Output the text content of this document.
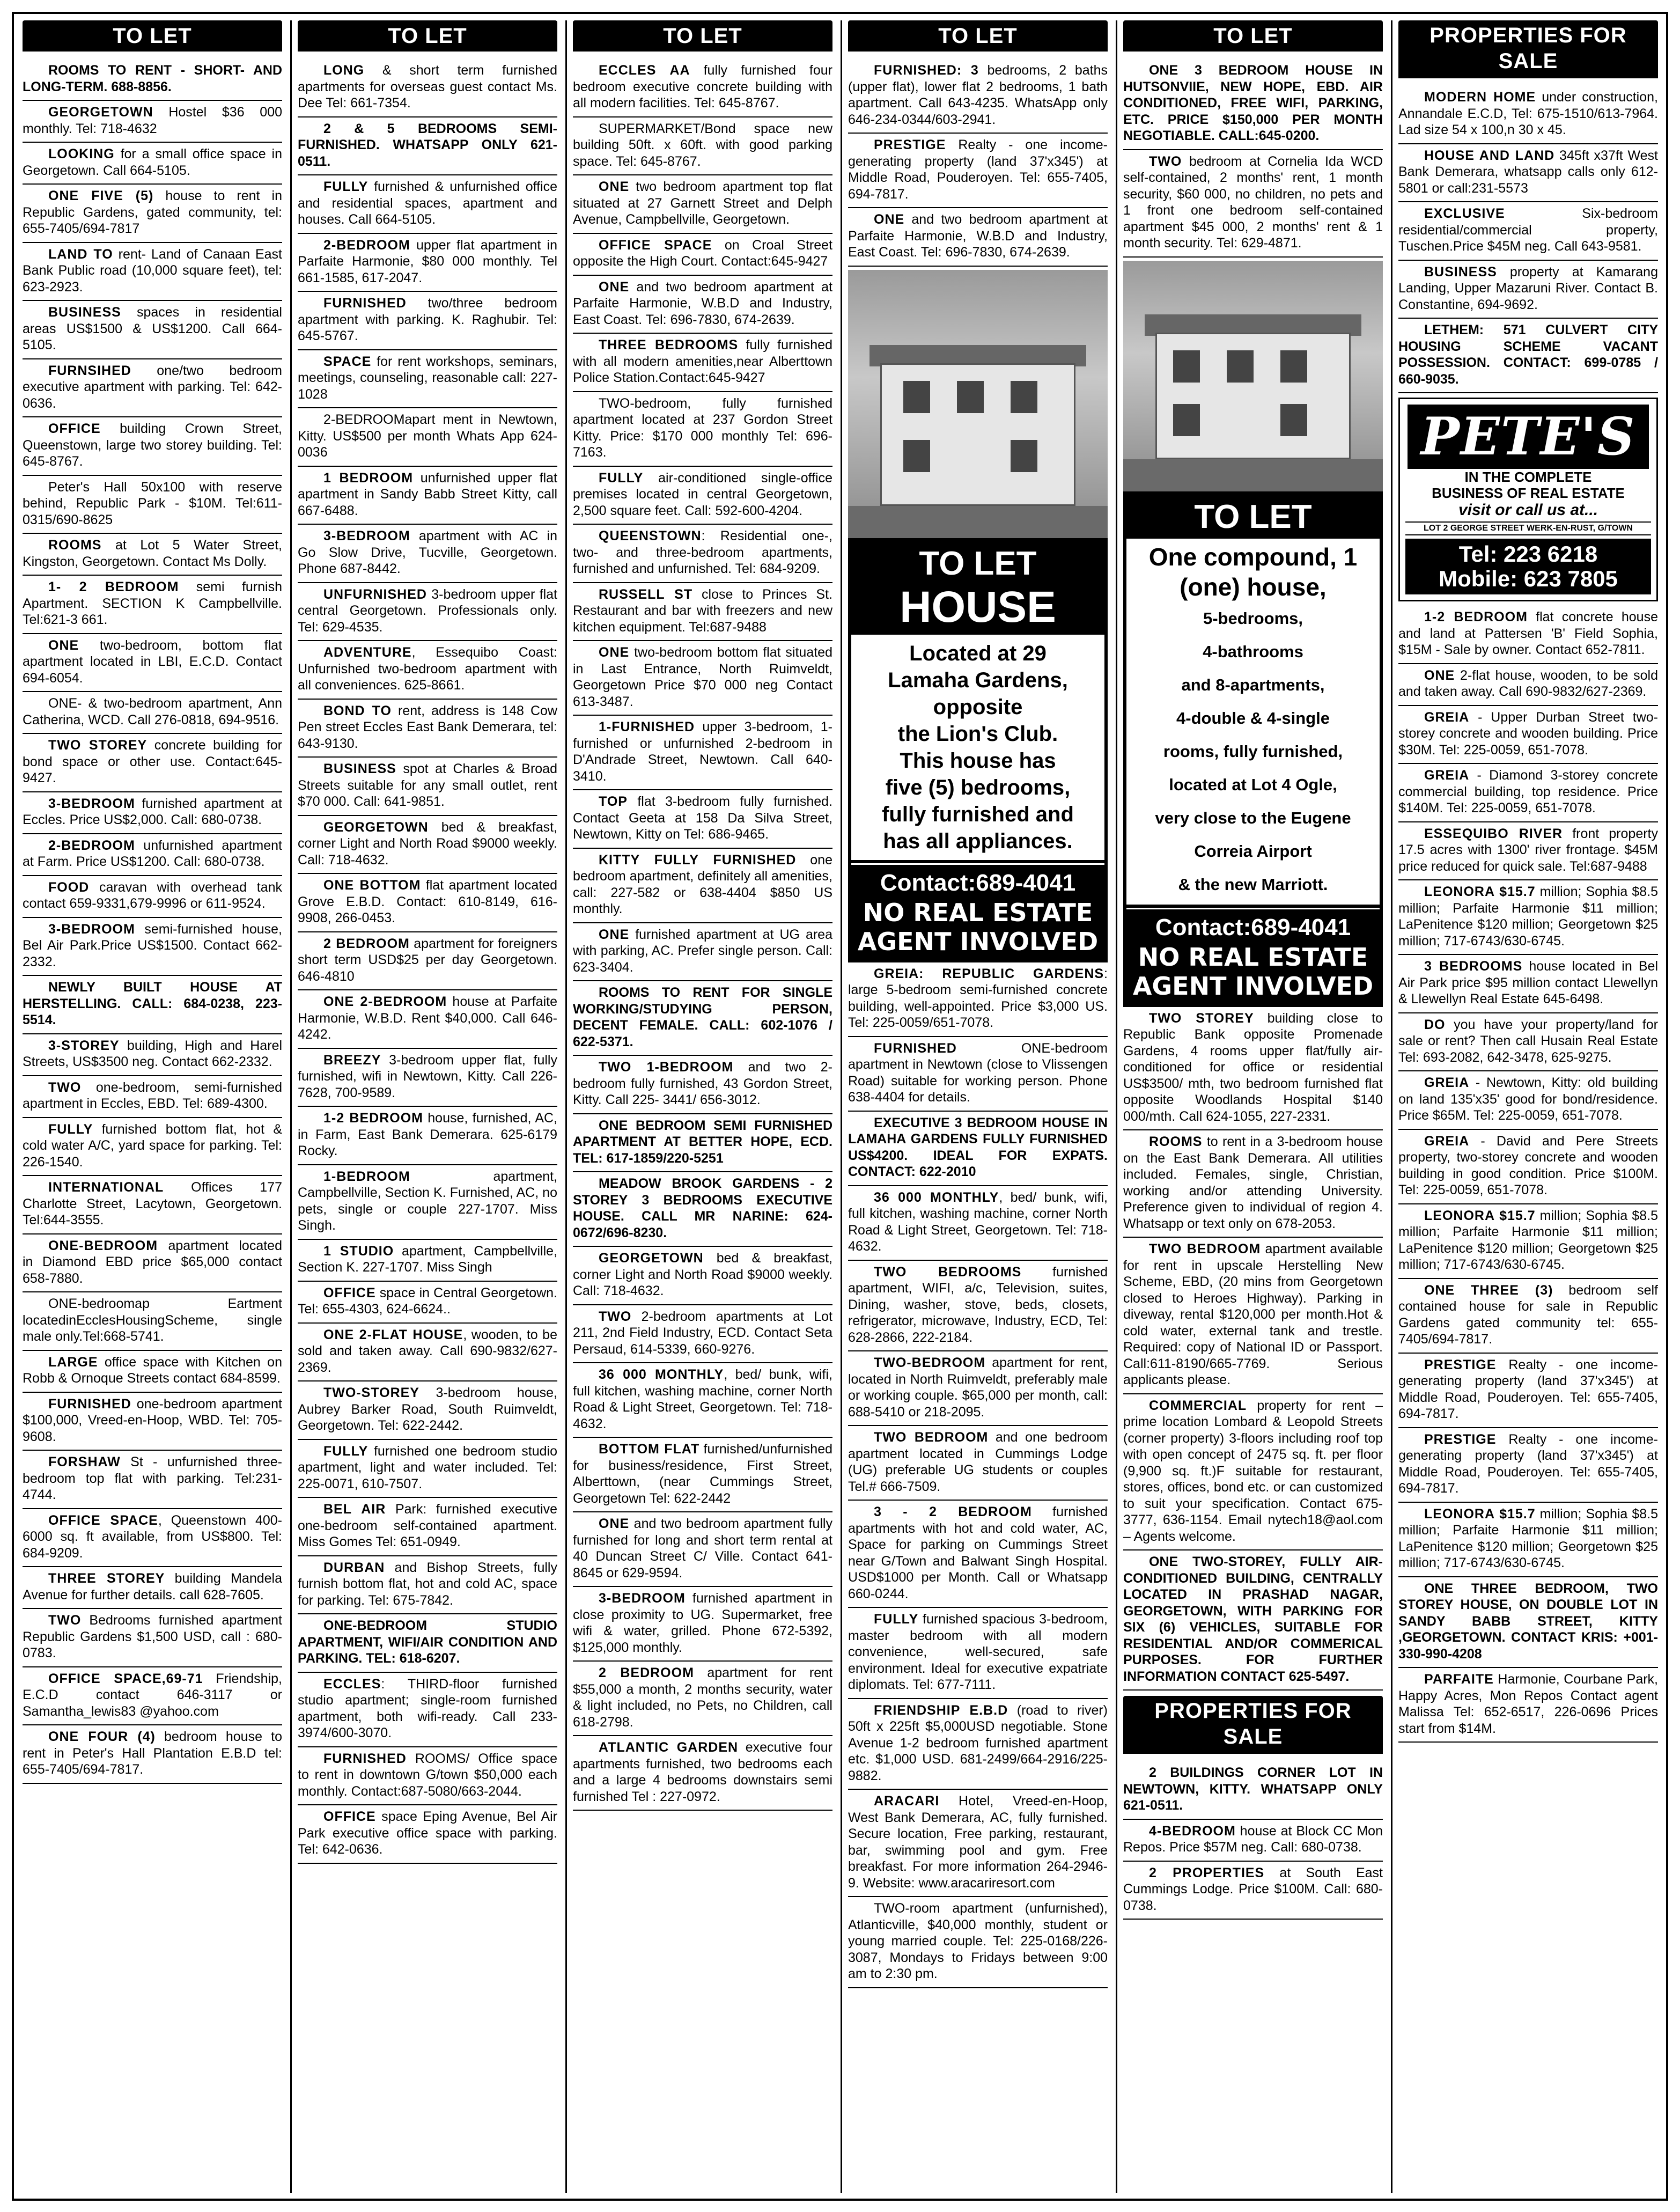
TO LET

ROOMS TO RENT - SHORT- AND LONG-TERM. 688-8856.

GEORGETOWN Hostel $36 000 monthly. Tel: 718-4632

LOOKING for a small office space in Georgetown. Call 664-5105.

ONE FIVE (5) house to rent in Republic Gardens, gated community, tel: 655-7405/694-7817

LAND TO rent- Land of Canaan East Bank Public road (10,000 square feet), tel: 623-2923.

BUSINESS spaces in residential areas US$1500 & US$1200. Call 664-5105.

FURNSIHED one/two bedroom executive apartment with parking. Tel: 642-0636.

OFFICE building Crown Street, Queenstown, large two storey building. Tel: 645-8767.

Peter's Hall 50x100 with reserve behind, Republic Park - $10M. Tel:611-0315/690-8625

ROOMS at Lot 5 Water Street, Kingston, Georgetown. Contact Ms Dolly.

1- 2 BEDROOM semi furnish Apartment. SECTION K Campbellville. Tel:621-3 661.

ONE two-bedroom, bottom flat apartment located in LBI, E.C.D. Contact 694-6054.

ONE- & two-bedroom apartment, Ann Catherina, WCD. Call 276-0818, 694-9516.

TWO STOREY concrete building for bond space or other use. Contact:645-9427.

3-BEDROOM furnished apartment at Eccles. Price US$2,000. Call: 680-0738.

2-BEDROOM unfurnished apartment at Farm. Price US$1200. Call: 680-0738.

FOOD caravan with overhead tank contact 659-9331,679-9996 or 611-9524.

3-BEDROOM semi-furnished house, Bel Air Park.Price US$1500. Contact 662-2332.

NEWLY BUILT HOUSE AT HERSTELLING. CALL: 684-0238, 223-5514.

3-STOREY building, High and Harel Streets, US$3500 neg. Contact 662-2332.

TWO one-bedroom, semi-furnished apartment in Eccles, EBD. Tel: 689-4300.

FULLY furnished bottom flat, hot & cold water A/C, yard space for parking. Tel: 226-1540.

INTERNATIONAL Offices 177 Charlotte Street, Lacytown, Georgetown. Tel:644-3555.

ONE-BEDROOM apartment located in Diamond EBD price $65,000 contact 658-7880.

ONE-bedroomap Eartment locatedinEcclesHousingScheme, single male only.Tel:668-5741.

LARGE office space with Kitchen on Robb & Ornoque Streets contact 684-8599.

FURNISHED one-bedroom apartment $100,000, Vreed-en-Hoop, WBD. Tel: 705-9608.

FORSHAW St - unfurnished three-bedroom top flat with parking. Tel:231-4744.

OFFICE SPACE, Queenstown 400-6000 sq. ft available, from US$800. Tel: 684-9209.

THREE STOREY building Mandela Avenue for further details. call 628-7605.

TWO Bedrooms furnished apartment Republic Gardens $1,500 USD, call : 680-0783.

OFFICE SPACE,69-71 Friendship, E.C.D contact 646-3117 or Samantha_lewis83 @yahoo.com

ONE FOUR (4) bedroom house to rent in Peter's Hall Plantation E.B.D tel: 655-7405/694-7817.

TO LET

LONG & short term furnished apartments for overseas guest contact Ms. Dee Tel: 661-7354.

2 & 5 BEDROOMS SEMI-FURNISHED. WHATSAPP ONLY 621-0511.

FULLY furnished & unfurnished office and residential spaces, apartment and houses. Call 664-5105.

2-BEDROOM upper flat apartment in Parfaite Harmonie, $80 000 monthly. Tel 661-1585, 617-2047.

FURNISHED two/three bedroom apartment with parking. K. Raghubir. Tel: 645-5767.

SPACE for rent workshops, seminars, meetings, counseling, reasonable call: 227-1028

2-BEDROOMapart ment in Newtown, Kitty. US$500 per month Whats App 624-0036

1 BEDROOM unfurnished upper flat apartment in Sandy Babb Street Kitty, call 667-6488.

3-BEDROOM apartment with AC in Go Slow Drive, Tucville, Georgetown. Phone 687-8442.

UNFURNISHED 3-bedroom upper flat central Georgetown. Professionals only. Tel: 629-4535.

ADVENTURE, Essequibo Coast: Unfurnished two-bedroom apartment with all conveniences. 625-8661.

BOND TO rent, address is 148 Cow Pen street Eccles East Bank Demerara, tel: 643-9130.

BUSINESS spot at Charles & Broad Streets suitable for any small outlet, rent $70 000. Call: 641-9851.

GEORGETOWN bed & breakfast, corner Light and North Road $9000 weekly. Call: 718-4632.

ONE BOTTOM flat apartment located Grove E.B.D. Contact: 610-8149, 616-9908, 266-0453.

2 BEDROOM apartment for foreigners short term USD$25 per day Georgetown. 646-4810

ONE 2-BEDROOM house at Parfaite Harmonie, W.B.D. Rent $40,000. Call 646-4242.

BREEZY 3-bedroom upper flat, fully furnished, wifi in Newtown, Kitty. Call 226-7628, 700-9589.

1-2 BEDROOM house, furnished, AC, in Farm, East Bank Demerara. 625-6179 Rocky.

1-BEDROOM apartment, Campbellville, Section K. Furnished, AC, no pets, single or couple 227-1707. Miss Singh.

1 STUDIO apartment, Campbellville, Section K. 227-1707. Miss Singh

OFFICE space in Central Georgetown. Tel: 655-4303, 624-6624..

ONE 2-FLAT HOUSE, wooden, to be sold and taken away. Call 690-9832/627-2369.

TWO-STOREY 3-bedroom house, Aubrey Barker Road, South Ruimveldt, Georgetown. Tel: 622-2442.

FULLY furnished one bedroom studio apartment, light and water included. Tel: 225-0071, 610-7507.

BEL AIR Park: furnished executive one-bedroom self-contained apartment. Miss Gomes Tel: 651-0949.

DURBAN and Bishop Streets, fully furnish bottom flat, hot and cold AC, space for parking. Tel: 675-7842.

ONE-BEDROOM STUDIO APARTMENT, WIFI/AIR CONDITION AND PARKING. TEL: 618-6207.

ECCLES: THIRD-floor furnished studio apartment; single-room furnished apartment, both wifi-ready. Call 233-3974/600-3070.

FURNISHED ROOMS/ Office space to rent in downtown G/town $50,000 each monthly. Contact:687-5080/663-2044.

OFFICE space Eping Avenue, Bel Air Park executive office space with parking. Tel: 642-0636.

TO LET

ECCLES AA fully furnished four bedroom executive concrete building with all modern facilities. Tel: 645-8767.

SUPERMARKET/Bond space new building 50ft. x 60ft. with good parking space. Tel: 645-8767.

ONE two bedroom apartment top flat situated at 27 Garnett Street and Delph Avenue, Campbellville, Georgetown.

OFFICE SPACE on Croal Street opposite the High Court. Contact:645-9427

ONE and two bedroom apartment at Parfaite Harmonie, W.B.D and Industry, East Coast. Tel: 696-7830, 674-2639.

THREE BEDROOMS fully furnished with all modern amenities,near Alberttown Police Station.Contact:645-9427

TWO-bedroom, fully furnished apartment located at 237 Gordon Street Kitty. Price: $170 000 monthly Tel: 696-7163.

FULLY air-conditioned single-office premises located in central Georgetown, 2,500 square feet. Call: 592-600-4204.

QUEENSTOWN: Residential one-, two- and three-bedroom apartments, furnished and unfurnished. Tel: 684-9209.

RUSSELL ST close to Princes St. Restaurant and bar with freezers and new kitchen equipment. Tel:687-9488

ONE two-bedroom bottom flat situated in Last Entrance, North Ruimveldt, Georgetown Price $70 000 neg Contact 613-3487.

1-FURNISHED upper 3-bedroom, 1-furnished or unfurnished 2-bedroom in D'Andrade Street, Newtown. Call 640-3410.

TOP flat 3-bedroom fully furnished. Contact Geeta at 158 Da Silva Street, Newtown, Kitty on Tel: 686-9465.

KITTY FULLY FURNISHED one bedroom apartment, definitely all amenities, call: 227-582 or 638-4404 $850 US monthly.

ONE furnished apartment at UG area with parking, AC. Prefer single person. Call: 623-3404.

ROOMS TO RENT FOR SINGLE WORKING/STUDYING PERSON, DECENT FEMALE. CALL: 602-1076 / 622-5371.

TWO 1-BEDROOM and two 2-bedroom fully furnished, 43 Gordon Street, Kitty. Call 225- 3441/ 656-3012.

ONE BEDROOM SEMI FURNISHED APARTMENT AT BETTER HOPE, ECD. TEL: 617-1859/220-5251

MEADOW BROOK GARDENS - 2 STOREY 3 BEDROOMS EXECUTIVE HOUSE. CALL MR NARINE: 624-0672/696-8230.

GEORGETOWN bed & breakfast, corner Light and North Road $9000 weekly. Call: 718-4632.

TWO 2-bedroom apartments at Lot 211, 2nd Field Industry, ECD. Contact Seta Persaud, 614-5339, 660-9276.

36 000 MONTHLY, bed/ bunk, wifi, full kitchen, washing machine, corner North Road & Light Street, Georgetown. Tel: 718-4632.

BOTTOM FLAT furnished/unfurnished for business/residence, First Street, Alberttown, (near Cummings Street, Georgetown Tel: 622-2442

ONE and two bedroom apartment fully furnished for long and short term rental at 40 Duncan Street C/ Ville. Contact 641-8645 or 629-9594.

3-BEDROOM furnished apartment in close proximity to UG. Supermarket, free wifi & water, grilled. Phone 672-5392, $125,000 monthly.

2 BEDROOM apartment for rent $55,000 a month, 2 months security, water & light included, no Pets, no Children, call 618-2798.

ATLANTIC GARDEN executive four apartments furnished, two bedrooms each and a large 4 bedrooms downstairs semi furnished Tel : 227-0972.

TO LET

FURNISHED: 3 bedrooms, 2 baths (upper flat), lower flat 2 bedrooms, 1 bath apartment. Call 643-4235. WhatsApp only 646-234-0344/603-2941.

PRESTIGE Realty - one income-generating property (land 37'x345') at Middle Road, Pouderoyen. Tel: 655-7405, 694-7817.

ONE and two bedroom apartment at Parfaite Harmonie, W.B.D and Industry, East Coast. Tel: 696-7830, 674-2639.

TO LET
HOUSE
Located at 29
Lamaha Gardens,
opposite
the Lion's Club.
This house has
five (5) bedrooms,
fully furnished and
has all appliances.
Contact:689-4041
NO REAL ESTATE AGENT INVOLVED

GREIA: REPUBLIC GARDENS: large 5-bedroom semi-furnished concrete building, well-appointed. Price $3,000 US. Tel: 225-0059/651-7078.

FURNISHED ONE-bedroom apartment in Newtown (close to Vlissengen Road) suitable for working person. Phone 638-4404 for details.

EXECUTIVE 3 BEDROOM HOUSE IN LAMAHA GARDENS FULLY FURNISHED US$4200. IDEAL FOR EXPATS. CONTACT: 622-2010

36 000 MONTHLY, bed/ bunk, wifi, full kitchen, washing machine, corner North Road & Light Street, Georgetown. Tel: 718-4632.

TWO BEDROOMS furnished apartment, WIFI, a/c, Television, suites, Dining, washer, stove, beds, closets, refrigerator, microwave, Industry, ECD, Tel: 628-2866, 222-2184.

TWO-BEDROOM apartment for rent, located in North Ruimveldt, preferably male or working couple. $65,000 per month, call: 688-5410 or 218-2095.

TWO BEDROOM and one bedroom apartment located in Cummings Lodge (UG) preferable UG students or couples Tel.# 666-7509.

3 - 2 BEDROOM furnished apartments with hot and cold water, AC, Space for parking on Cummings Street near G/Town and Balwant Singh Hospital. USD$1000 per Month. Call or Whatsapp 660-0244.

FULLY furnished spacious 3-bedroom, master bedroom with all modern convenience, well-secured, safe environment. Ideal for executive expatriate diplomats. Tel: 677-7111.

FRIENDSHIP E.B.D (road to river) 50ft x 225ft $5,000USD negotiable. Stone Avenue 1-2 bedroom furnished apartment etc. $1,000 USD. 681-2499/664-2916/225-9882.

ARACARI Hotel, Vreed-en-Hoop, West Bank Demerara, AC, fully furnished. Secure location, Free parking, restaurant, bar, swimming pool and gym. Free breakfast. For more information 264-2946-9. Website: www.aracariresort.com

TWO-room apartment (unfurnished), Atlanticville, $40,000 monthly, student or young married couple. Tel: 225-0168/226-3087, Mondays to Fridays between 9:00 am to 2:30 pm.

TO LET

ONE 3 BEDROOM HOUSE IN HUTSONVIIE, NEW HOPE, EBD. AIR CONDITIONED, FREE WIFI, PARKING, ETC. PRICE $150,000 PER MONTH NEGOTIABLE. CALL:645-0200.

TWO bedroom at Cornelia Ida WCD self-contained, 2 months' rent, 1 month security, $60 000, no children, no pets and 1 front one bedroom self-contained apartment $45 000, 2 months' rent & 1 month security. Tel: 629-4871.

TO LET
One compound, 1 (one) house,
5-bedrooms,
4-bathrooms
and 8-apartments,
4-double & 4-single
rooms, fully furnished,
located at Lot 4 Ogle,
very close to the Eugene
Correia Airport
& the new Marriott.
Contact:689-4041
NO REAL ESTATE AGENT INVOLVED

TWO STOREY building close to Republic Bank opposite Promenade Gardens, 4 rooms upper flat/fully air-conditioned for office or residential US$3500/ mth, two bedroom furnished flat opposite Woodlands Hospital $140 000/mth. Call 624-1055, 227-2331.

ROOMS to rent in a 3-bedroom house on the East Bank Demerara. All utilities included. Females, single, Christian, working and/or attending University. Preference given to individual of region 4. Whatsapp or text only on 678-2053.

TWO BEDROOM apartment available for rent in upscale Herstelling New Scheme, EBD, (20 mins from Georgetown closed to Heroes Highway). Parking in diveway, rental $120,000 per month.Hot & cold water, external tank and trestle. Required: copy of National ID or Passport. Call:611-8190/665-7769. Serious applicants please.

COMMERCIAL property for rent – prime location Lombard & Leopold Streets (corner property) 3-floors including roof top with open concept of 2475 sq. ft. per floor (9,900 sq. ft.)F suitable for restaurant, stores, offices, bond etc. or can customized to suit your specification. Contact 675-3777, 636-1154. Email nytech18@aol.com – Agents welcome.

ONE TWO-STOREY, FULLY AIR-CONDITIONED BUILDING, CENTRALLY LOCATED IN PRASHAD NAGAR, GEORGETOWN, WITH PARKING FOR SIX (6) VEHICLES, SUITABLE FOR RESIDENTIAL AND/OR COMMERICAL PURPOSES. FOR FURTHER INFORMATION CONTACT 625-5497.

PROPERTIES FOR SALE

2 BUILDINGS CORNER LOT IN NEWTOWN, KITTY. WHATSAPP ONLY 621-0511.

4-BEDROOM house at Block CC Mon Repos. Price $57M neg. Call: 680-0738.

2 PROPERTIES at South East Cummings Lodge. Price $100M. Call: 680-0738.

PROPERTIES FOR SALE

MODERN HOME under construction, Annandale E.C.D, Tel: 675-1510/613-7964. Lad size 54 x 100,n 30 x 45.

HOUSE AND LAND 345ft x37ft West Bank Demerara, whatsapp calls only 612-5801 or call:231-5573

EXCLUSIVE Six-bedroom residential/commercial property, Tuschen.Price $45M neg. Call 643-9581.

BUSINESS property at Kamarang Landing, Upper Mazaruni River. Contact B. Constantine, 694-9692.

LETHEM: 571 CULVERT CITY HOUSING SCHEME VACANT POSSESSION. CONTACT: 699-0785 / 660-9035.

PETE'S
IN THE COMPLETE
BUSINESS OF REAL ESTATE
visit or call us at...
LOT 2 GEORGE STREET WERK-EN-RUST, G/TOWN
Tel: 223 6218
Mobile: 623 7805

1-2 BEDROOM flat concrete house and land at Pattersen 'B' Field Sophia, $15M - Sale by owner. Contact 652-7811.

ONE 2-flat house, wooden, to be sold and taken away. Call 690-9832/627-2369.

GREIA - Upper Durban Street two-storey concrete and wooden building. Price $30M. Tel: 225-0059, 651-7078.

GREIA - Diamond 3-storey concrete commercial building, top residence. Price $140M. Tel: 225-0059, 651-7078.

ESSEQUIBO RIVER front property 17.5 acres with 1300' river frontage. $45M price reduced for quick sale. Tel:687-9488

LEONORA $15.7 million; Sophia $8.5 million; Parfaite Harmonie $11 million; LaPenitence $120 million; Georgetown $25 million; 717-6743/630-6745.

3 BEDROOMS house located in Bel Air Park price $95 million contact Llewellyn & Llewellyn Real Estate 645-6498.

DO you have your property/land for sale or rent? Then call Husain Real Estate Tel: 693-2082, 642-3478, 625-9275.

GREIA - Newtown, Kitty: old building on land 135'x35' good for bond/residence. Price $65M. Tel: 225-0059, 651-7078.

GREIA - David and Pere Streets property, two-storey concrete and wooden building in good condition. Price $100M. Tel: 225-0059, 651-7078.

LEONORA $15.7 million; Sophia $8.5 million; Parfaite Harmonie $11 million; LaPenitence $120 million; Georgetown $25 million; 717-6743/630-6745.

ONE THREE (3) bedroom self contained house for sale in Republic Gardens gated community tel: 655-7405/694-7817.

PRESTIGE Realty - one income-generating property (land 37'x345') at Middle Road, Pouderoyen. Tel: 655-7405, 694-7817.

PRESTIGE Realty - one income-generating property (land 37'x345') at Middle Road, Pouderoyen. Tel: 655-7405, 694-7817.

LEONORA $15.7 million; Sophia $8.5 million; Parfaite Harmonie $11 million; LaPenitence $120 million; Georgetown $25 million; 717-6743/630-6745.

ONE THREE BEDROOM, TWO STOREY HOUSE, ON DOUBLE LOT IN SANDY BABB STREET, KITTY ,GEORGETOWN. CONTACT KRIS: +001-330-990-4208

PARFAITE Harmonie, Courbane Park, Happy Acres, Mon Repos Contact agent Malissa Tel: 652-6517, 226-0696 Prices start from $14M.
